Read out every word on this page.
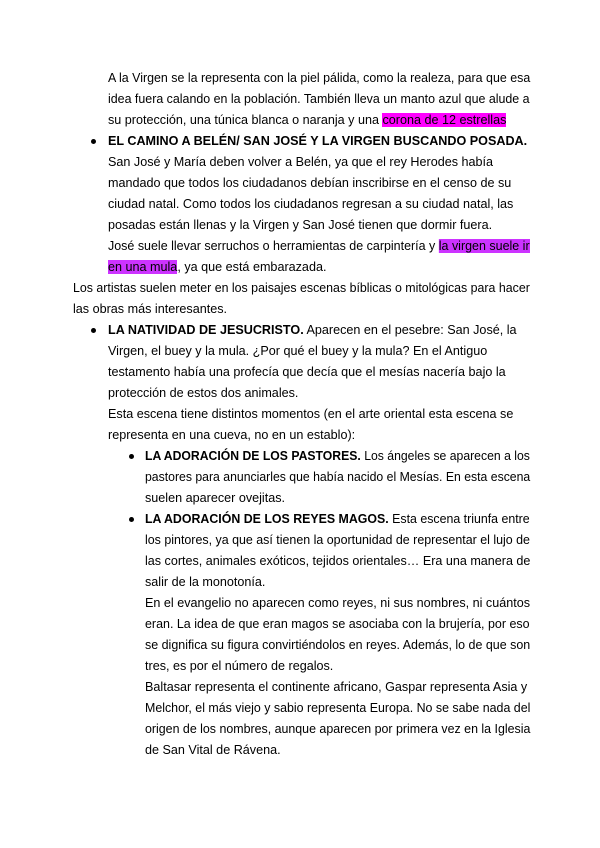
A la Virgen se la representa con la piel pálida, como la realeza, para que esa
idea fuera calando en la población. También lleva un manto azul que alude a
su protección, una túnica blanca o naranja y una corona de 12 estrellas
EL CAMINO A BELÉN/ SAN JOSÉ Y LA VIRGEN BUSCANDO POSADA.
San José y María deben volver a Belén, ya que el rey Herodes había
mandado que todos los ciudadanos debían inscribirse en el censo de su
ciudad natal. Como todos los ciudadanos regresan a su ciudad natal, las
posadas están llenas y la Virgen y San José tienen que dormir fuera.
José suele llevar serruchos o herramientas de carpintería y la virgen suele ir
en una mula, ya que está embarazada.
Los artistas suelen meter en los paisajes escenas bíblicas o mitológicas para hacer
las obras más interesantes.
LA NATIVIDAD DE JESUCRISTO. Aparecen en el pesebre: San José, la
Virgen, el buey y la mula. ¿Por qué el buey y la mula? En el Antiguo
testamento había una profecía que decía que el mesías nacería bajo la
protección de estos dos animales.
Esta escena tiene distintos momentos (en el arte oriental esta escena se
representa en una cueva, no en un establo):
LA ADORACIÓN DE LOS PASTORES. Los ángeles se aparecen a los
pastores para anunciarles que había nacido el Mesías. En esta escena
suelen aparecer ovejitas.
LA ADORACIÓN DE LOS REYES MAGOS. Esta escena triunfa entre
los pintores, ya que así tienen la oportunidad de representar el lujo de
las cortes, animales exóticos, tejidos orientales… Era una manera de
salir de la monotonía.
En el evangelio no aparecen como reyes, ni sus nombres, ni cuántos
eran. La idea de que eran magos se asociaba con la brujería, por eso
se dignifica su figura convirtiéndolos en reyes. Además, lo de que son
tres, es por el número de regalos.
Baltasar representa el continente africano, Gaspar representa Asia y
Melchor, el más viejo y sabio representa Europa. No se sabe nada del
origen de los nombres, aunque aparecen por primera vez en la Iglesia
de San Vital de Rávena.
